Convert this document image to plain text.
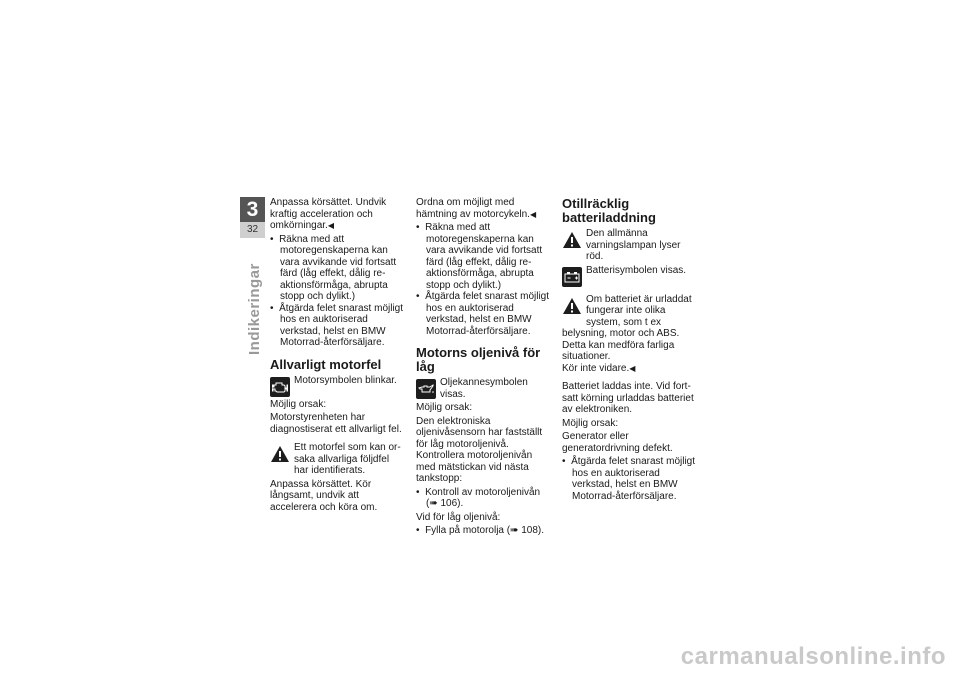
3
32
Indikeringar

Anpassa körsättet. Undvik kraftig acceleration och omkörningar.◀

•  Räkna med att motoregenskaperna kan vara avvikande vid fortsatt färd (låg effekt, dålig reaktionsförmåga, abrupta stopp och dylikt.)
•  Åtgärda felet snarast möjligt hos en auktoriserad verkstad, helst en BMW Motorrad-återförsäljare.
Allvarligt motorfel

Motorsymbolen blinkar.

Möjlig orsak:

Motorstyrenheten har diagnostiserat ett allvarligt fel.

Ett motorfel som kan orsaka allvarliga följdfel har identifierats.

Anpassa körsättet. Kör långsamt, undvik att accelerera och köra om.

Ordna om möjligt med hämtning av motorcykeln.◀

•  Räkna med att motoregenskaperna kan vara avvikande vid fortsatt färd (låg effekt, dålig reaktionsförmåga, abrupta stopp och dylikt.)
•  Åtgärda felet snarast möjligt hos en auktoriserad verkstad, helst en BMW Motorrad-återförsäljare.
Motorns oljenivå för låg

Oljekannesymbolen visas.

Möjlig orsak:

Den elektroniska oljenivåsensorn har fastställt för låg motoroljenivå. Kontrollera motoroljenivån med mätstickan vid nästa tankstopp:

•  Kontroll av motoroljenivån (➠ 106).

Vid för låg oljenivå:

•  Fylla på motorolja (➠ 108).
Otillräcklig batteriladdning

Den allmänna varningslampan lyser röd.

Batterisymbolen visas.

Om batteriet är urladdat fungerar inte olika system, som t ex belysning, motor och ABS. Detta kan medföra farliga situationer.
Kör inte vidare.◀

Batteriet laddas inte. Vid fortsatt körning urladdas batteriet av elektroniken.

Möjlig orsak:

Generator eller generatordrivning defekt.

•  Åtgärda felet snarast möjligt hos en auktoriserad verkstad, helst en BMW Motorrad-återförsäljare.
carmanualsonline.info
